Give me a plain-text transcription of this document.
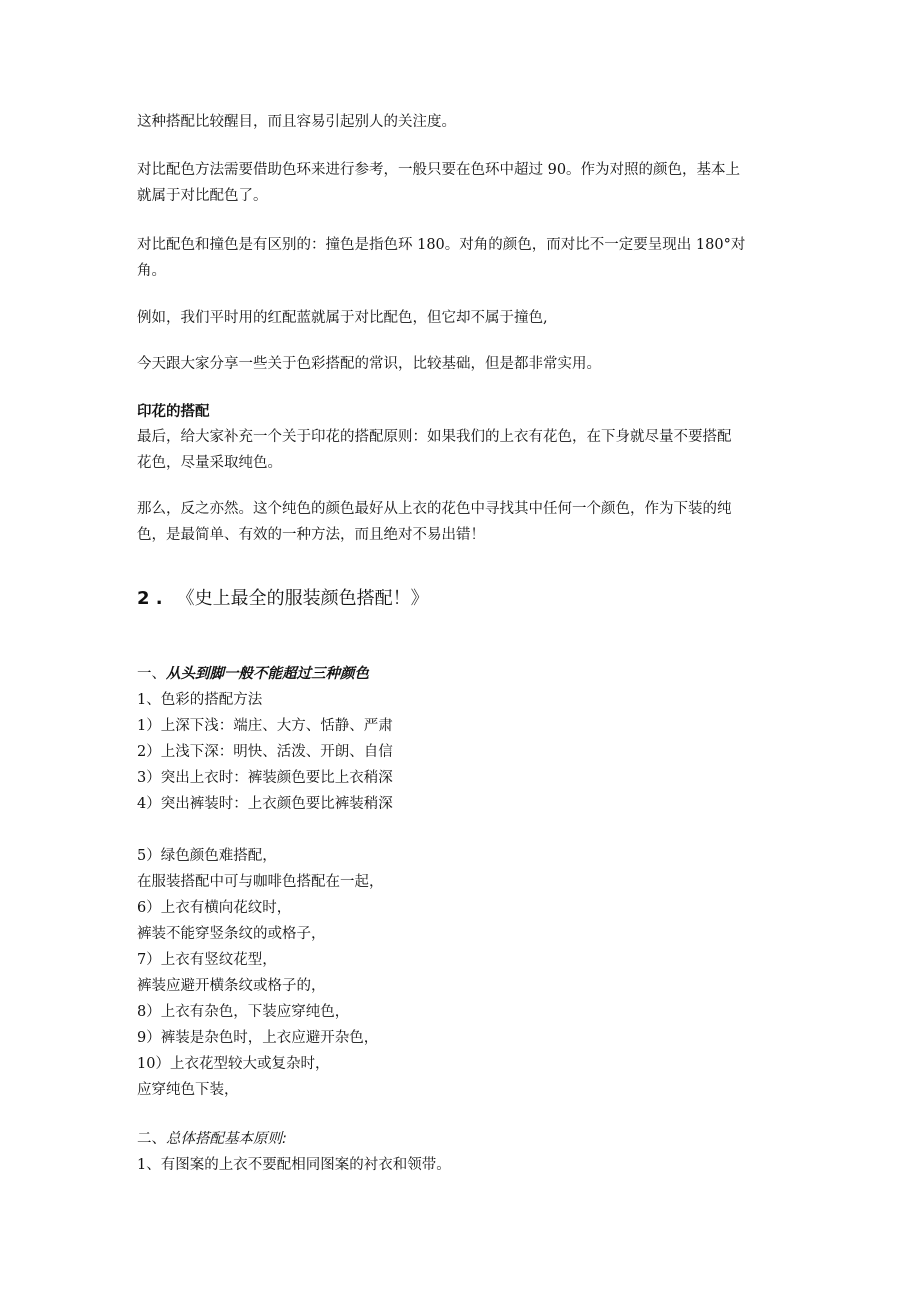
这种搭配比较醒目，而且容易引起别人的关注度。
对比配色方法需要借助色环来进行参考，一般只要在色环中超过 90。作为对照的颜色，基本上
就属于对比配色了。
对比配色和撞色是有区别的：撞色是指色环 180。对角的颜色，而对比不一定要呈现出 180°对
角。
例如，我们平时用的红配蓝就属于对比配色，但它却不属于撞色,
今天跟大家分享一些关于色彩搭配的常识，比较基础，但是都非常实用。
印花的搭配
最后，给大家补充一个关于印花的搭配原则：如果我们的上衣有花色，在下身就尽量不要搭配
花色，尽量采取纯色。
那么，反之亦然。这个纯色的颜色最好从上衣的花色中寻找其中任何一个颜色，作为下装的纯
色，是最简单、有效的一种方法，而且绝对不易出错！
2 . 《史上最全的服装颜色搭配！》
一、从头到脚一般不能超过三种颜色
1、色彩的搭配方法
1）上深下浅：端庄、大方、恬静、严肃
2）上浅下深：明快、活泼、开朗、自信
3）突出上衣时：裤装颜色要比上衣稍深
4）突出裤装时：上衣颜色要比裤装稍深
5）绿色颜色难搭配，
在服装搭配中可与咖啡色搭配在一起，
6）上衣有横向花纹时，
裤装不能穿竖条纹的或格子，
7）上衣有竖纹花型，
裤装应避开横条纹或格子的，
8）上衣有杂色，下装应穿纯色，
9）裤装是杂色时，上衣应避开杂色，
10）上衣花型较大或复杂时，
应穿纯色下装，
二、总体搭配基本原则:
1、有图案的上衣不要配相同图案的衬衣和领带。
